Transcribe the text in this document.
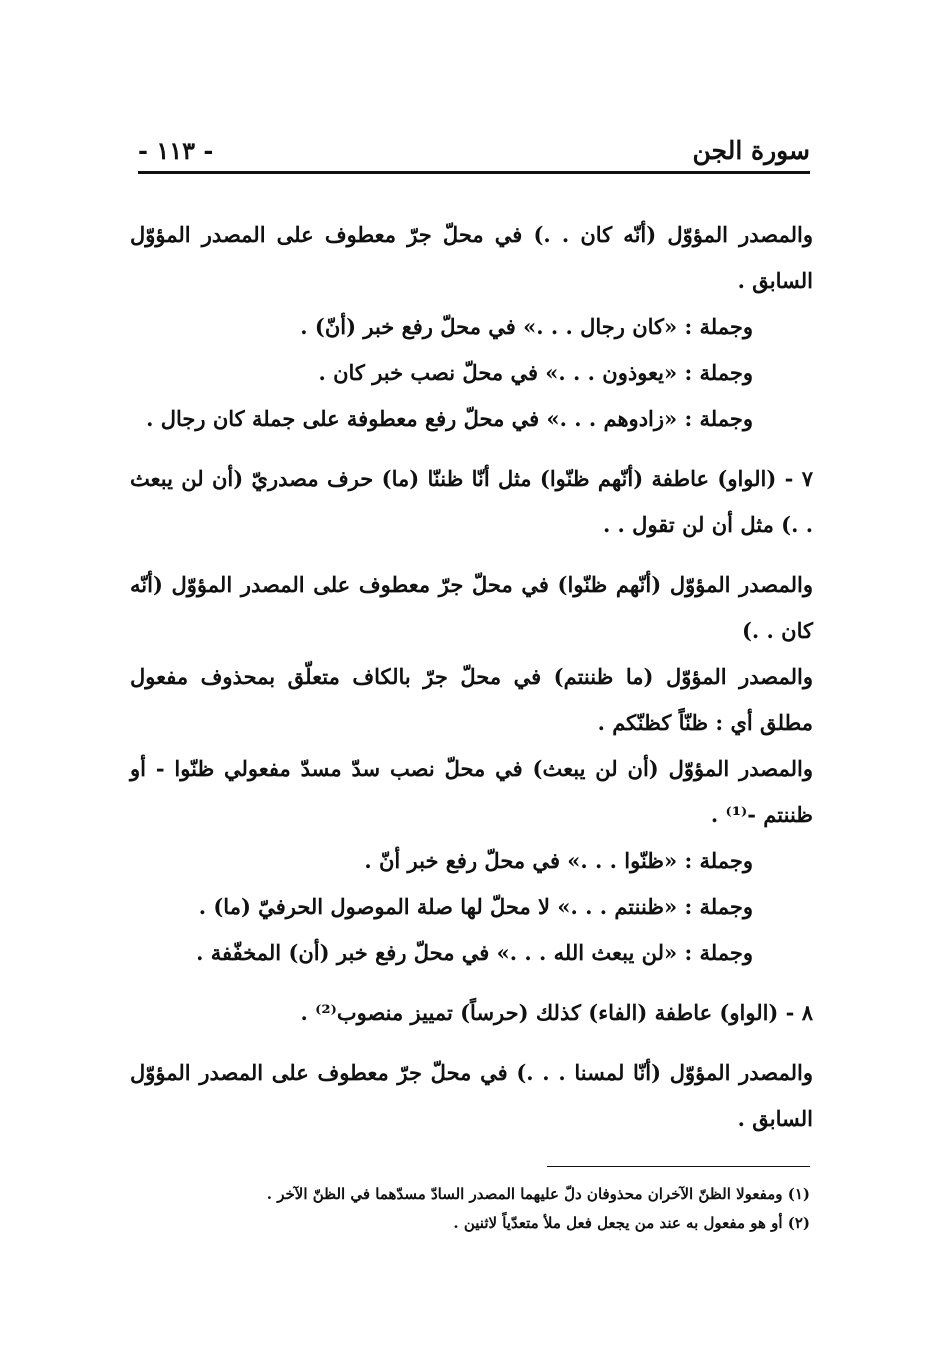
- ١١٣ -	سورة الجن

والمصدر المؤوّل (أنّه كان . .) في محلّ جرّ معطوف على المصدر المؤوّل السابق .

وجملة : «كان رجال . . .» في محلّ رفع خبر (أنّ) .

وجملة : «يعوذون . . .» في محلّ نصب خبر كان .

وجملة : «زادوهم . . .» في محلّ رفع معطوفة على جملة كان رجال .

٧ - (الواو) عاطفة (أنّهم ظنّوا) مثل أنّا ظننّا (ما) حرف مصدريّ (أن لن يبعث . .) مثل أن لن تقول . .

والمصدر المؤوّل (أنّهم ظنّوا) في محلّ جرّ معطوف على المصدر المؤوّل (أنّه كان . .)

والمصدر المؤوّل (ما ظننتم) في محلّ جرّ بالكاف متعلّق بمحذوف مفعول مطلق أي : ظنّاً كظنّكم .

والمصدر المؤوّل (أن لن يبعث) في محلّ نصب سدّ مسدّ مفعولي ظنّوا - أو ظننتم -⁽¹⁾ .

وجملة : «ظنّوا . . .» في محلّ رفع خبر أنّ .

وجملة : «ظننتم . . .» لا محلّ لها صلة الموصول الحرفيّ (ما) .

وجملة : «لن يبعث الله . . .» في محلّ رفع خبر (أن) المخفّفة .

٨ - (الواو) عاطفة (الفاء) كذلك (حرساً) تمييز منصوب⁽²⁾ .

والمصدر المؤوّل (أنّا لمسنا . . .) في محلّ جرّ معطوف على المصدر المؤوّل السابق .

(١) ومفعولا الظنّ الآخران محذوفان دلّ عليهما المصدر السادّ مسدّهما في الظنّ الآخر .

(٢) أو هو مفعول به عند من يجعل فعل ملأ متعدّياً لاثنين .
